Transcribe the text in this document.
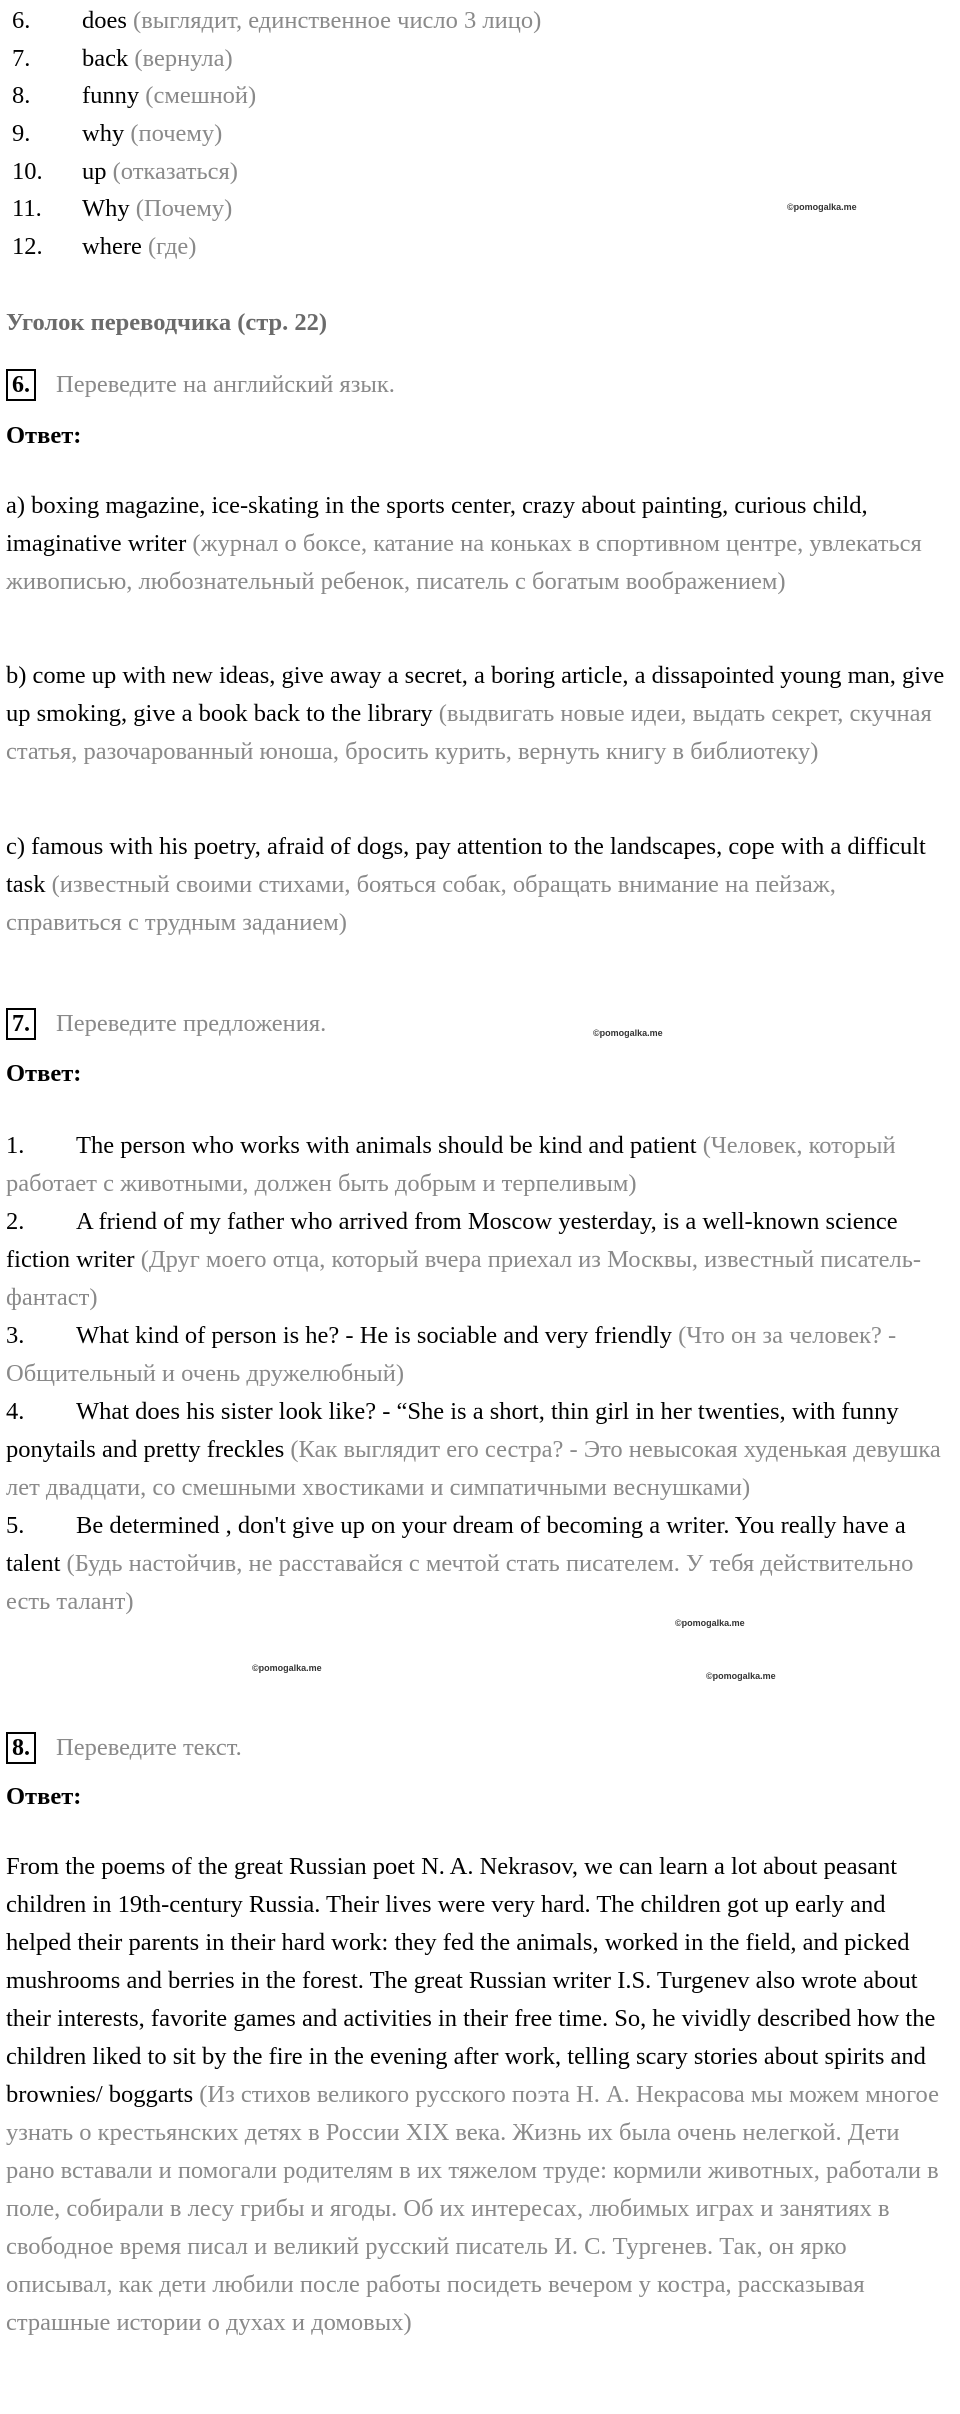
6.	does (выглядит, единственное число 3 лицо)
7.	back (вернула)
8.	funny (смешной)
9.	why (почему)
10.	up (отказаться)
11.	Why (Почему)
12.	where (где)
©pomogalka.me
Уголок переводчика (стр. 22)
6. Переведите на английский язык.
Ответ:

a) boxing magazine, ice-skating in the sports center, crazy about painting, curious child, imaginative writer (журнал о боксе, катание на коньках в спортивном центре, увлекаться живописью, любознательный ребенок, писатель с богатым воображением)

b) come up with new ideas, give away a secret, a boring article, a dissapointed young man, give up smoking, give a book back to the library (выдвигать новые идеи, выдать секрет, скучная статья, разочарованный юноша, бросить курить, вернуть книгу в библиотеку)

c) famous with his poetry, afraid of dogs, pay attention to the landscapes, cope with a difficult task (известный своими стихами, бояться собак, обращать внимание на пейзаж, справиться с трудным заданием)

7. Переведите предложения.	©pomogalka.me
Ответ:

1. The person who works with animals should be kind and patient (Человек, который работает с животными, должен быть добрым и терпеливым)

2. A friend of my father who arrived from Moscow yesterday, is a well-known science fiction writer (Друг моего отца, который вчера приехал из Москвы, известный писатель- фантаст)

3. What kind of person is he? - He is sociable and very friendly (Что он за человек? - Общительный и очень дружелюбный)

4. What does his sister look like? - “She is a short, thin girl in her twenties, with funny ponytails and pretty freckles (Как выглядит его сестра? - Это невысокая худенькая девушка лет двадцати, со смешными хвостиками и симпатичными веснушками)

5. Be determined , don't give up on your dream of becoming a writer. You really have a talent (Будь настойчив, не расставайся с мечтой стать писателем. У тебя действительно есть талант)

©pomogalka.me
©pomogalka.me
©pomogalka.me
8. Переведите текст.
Ответ:

From the poems of the great Russian poet N. A. Nekrasov, we can learn a lot about peasant children in 19th-century Russia. Their lives were very hard. The children got up early and helped their parents in their hard work: they fed the animals, worked in the field, and picked mushrooms and berries in the forest. The great Russian writer I.S. Turgenev also wrote about their interests, favorite games and activities in their free time. So, he vividly described how the children liked to sit by the fire in the evening after work, telling scary stories about spirits and brownies/ boggarts (Из стихов великого русского поэта Н. А. Некрасова мы можем многое узнать о крестьянских детях в России XIX века. Жизнь их была очень нелегкой. Дети рано вставали и помогали родителям в их тяжелом труде: кормили животных, работали в поле, собирали в лесу грибы и ягоды. Об их интересах, любимых играх и занятиях в свободное время писал и великий русский писатель И. С. Тургенев. Так, он ярко описывал, как дети любили после работы посидеть вечером у костра, рассказывая страшные истории о духах и домовых)
